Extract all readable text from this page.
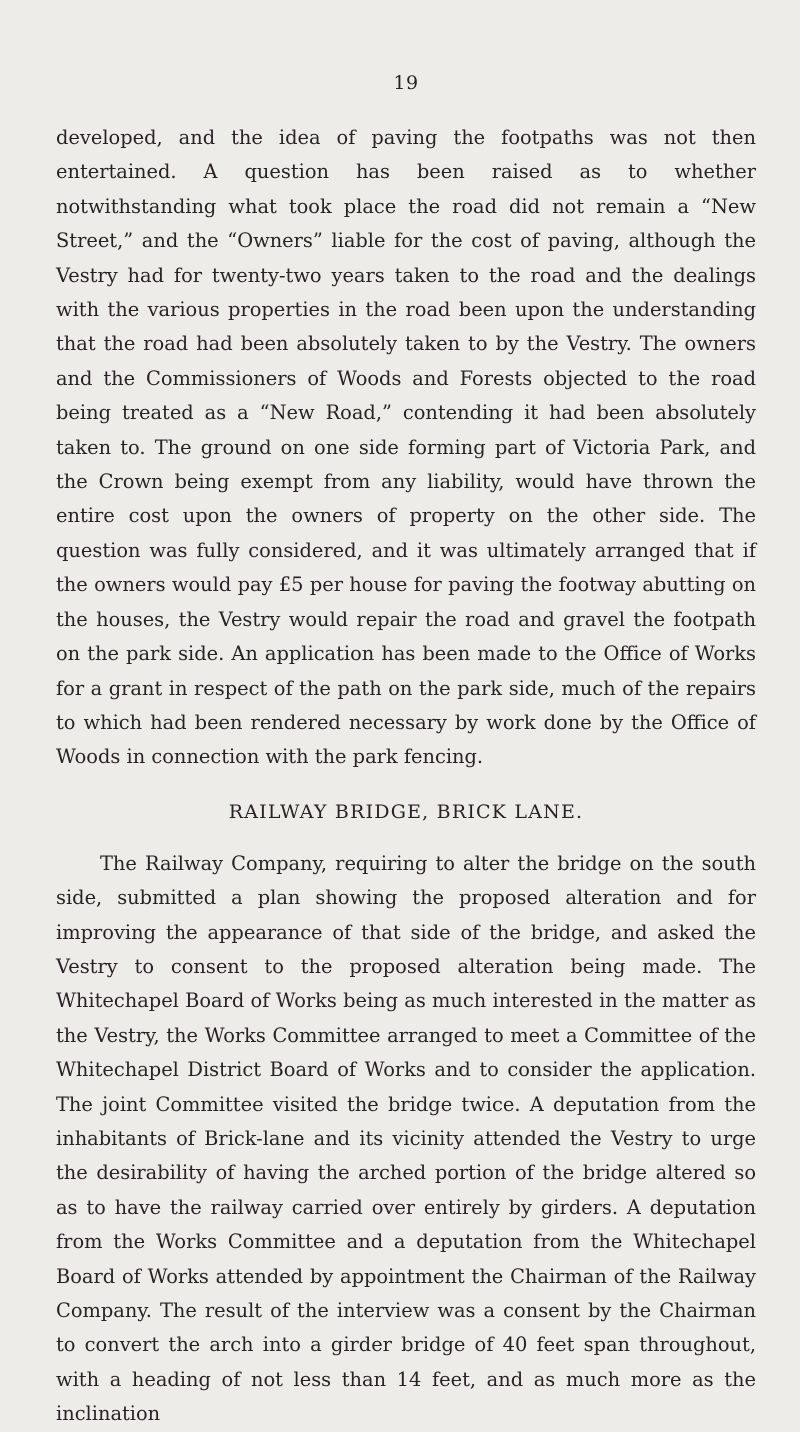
19

developed, and the idea of paving the footpaths was not then entertained. A question has been raised as to whether notwithstanding what took place the road did not remain a “New Street,” and the “Owners” liable for the cost of paving, although the Vestry had for twenty-two years taken to the road and the dealings with the various properties in the road been upon the understanding that the road had been absolutely taken to by the Vestry. The owners and the Commissioners of Woods and Forests objected to the road being treated as a “New Road,” contending it had been absolutely taken to. The ground on one side forming part of Victoria Park, and the Crown being exempt from any liability, would have thrown the entire cost upon the owners of property on the other side. The question was fully considered, and it was ultimately arranged that if the owners would pay £5 per house for paving the footway abutting on the houses, the Vestry would repair the road and gravel the footpath on the park side. An application has been made to the Office of Works for a grant in respect of the path on the park side, much of the repairs to which had been rendered necessary by work done by the Office of Woods in connection with the park fencing.

RAILWAY BRIDGE, BRICK LANE.

The Railway Company, requiring to alter the bridge on the south side, submitted a plan showing the proposed alteration and for improving the appearance of that side of the bridge, and asked the Vestry to consent to the proposed alteration being made. The Whitechapel Board of Works being as much interested in the matter as the Vestry, the Works Committee arranged to meet a Committee of the Whitechapel District Board of Works and to consider the application. The joint Committee visited the bridge twice. A deputation from the inhabitants of Brick-lane and its vicinity attended the Vestry to urge the desirability of having the arched portion of the bridge altered so as to have the railway carried over entirely by girders. A deputation from the Works Committee and a deputation from the Whitechapel Board of Works attended by appointment the Chairman of the Railway Company. The result of the interview was a consent by the Chairman to convert the arch into a girder bridge of 40 feet span throughout, with a heading of not less than 14 feet, and as much more as the inclination
